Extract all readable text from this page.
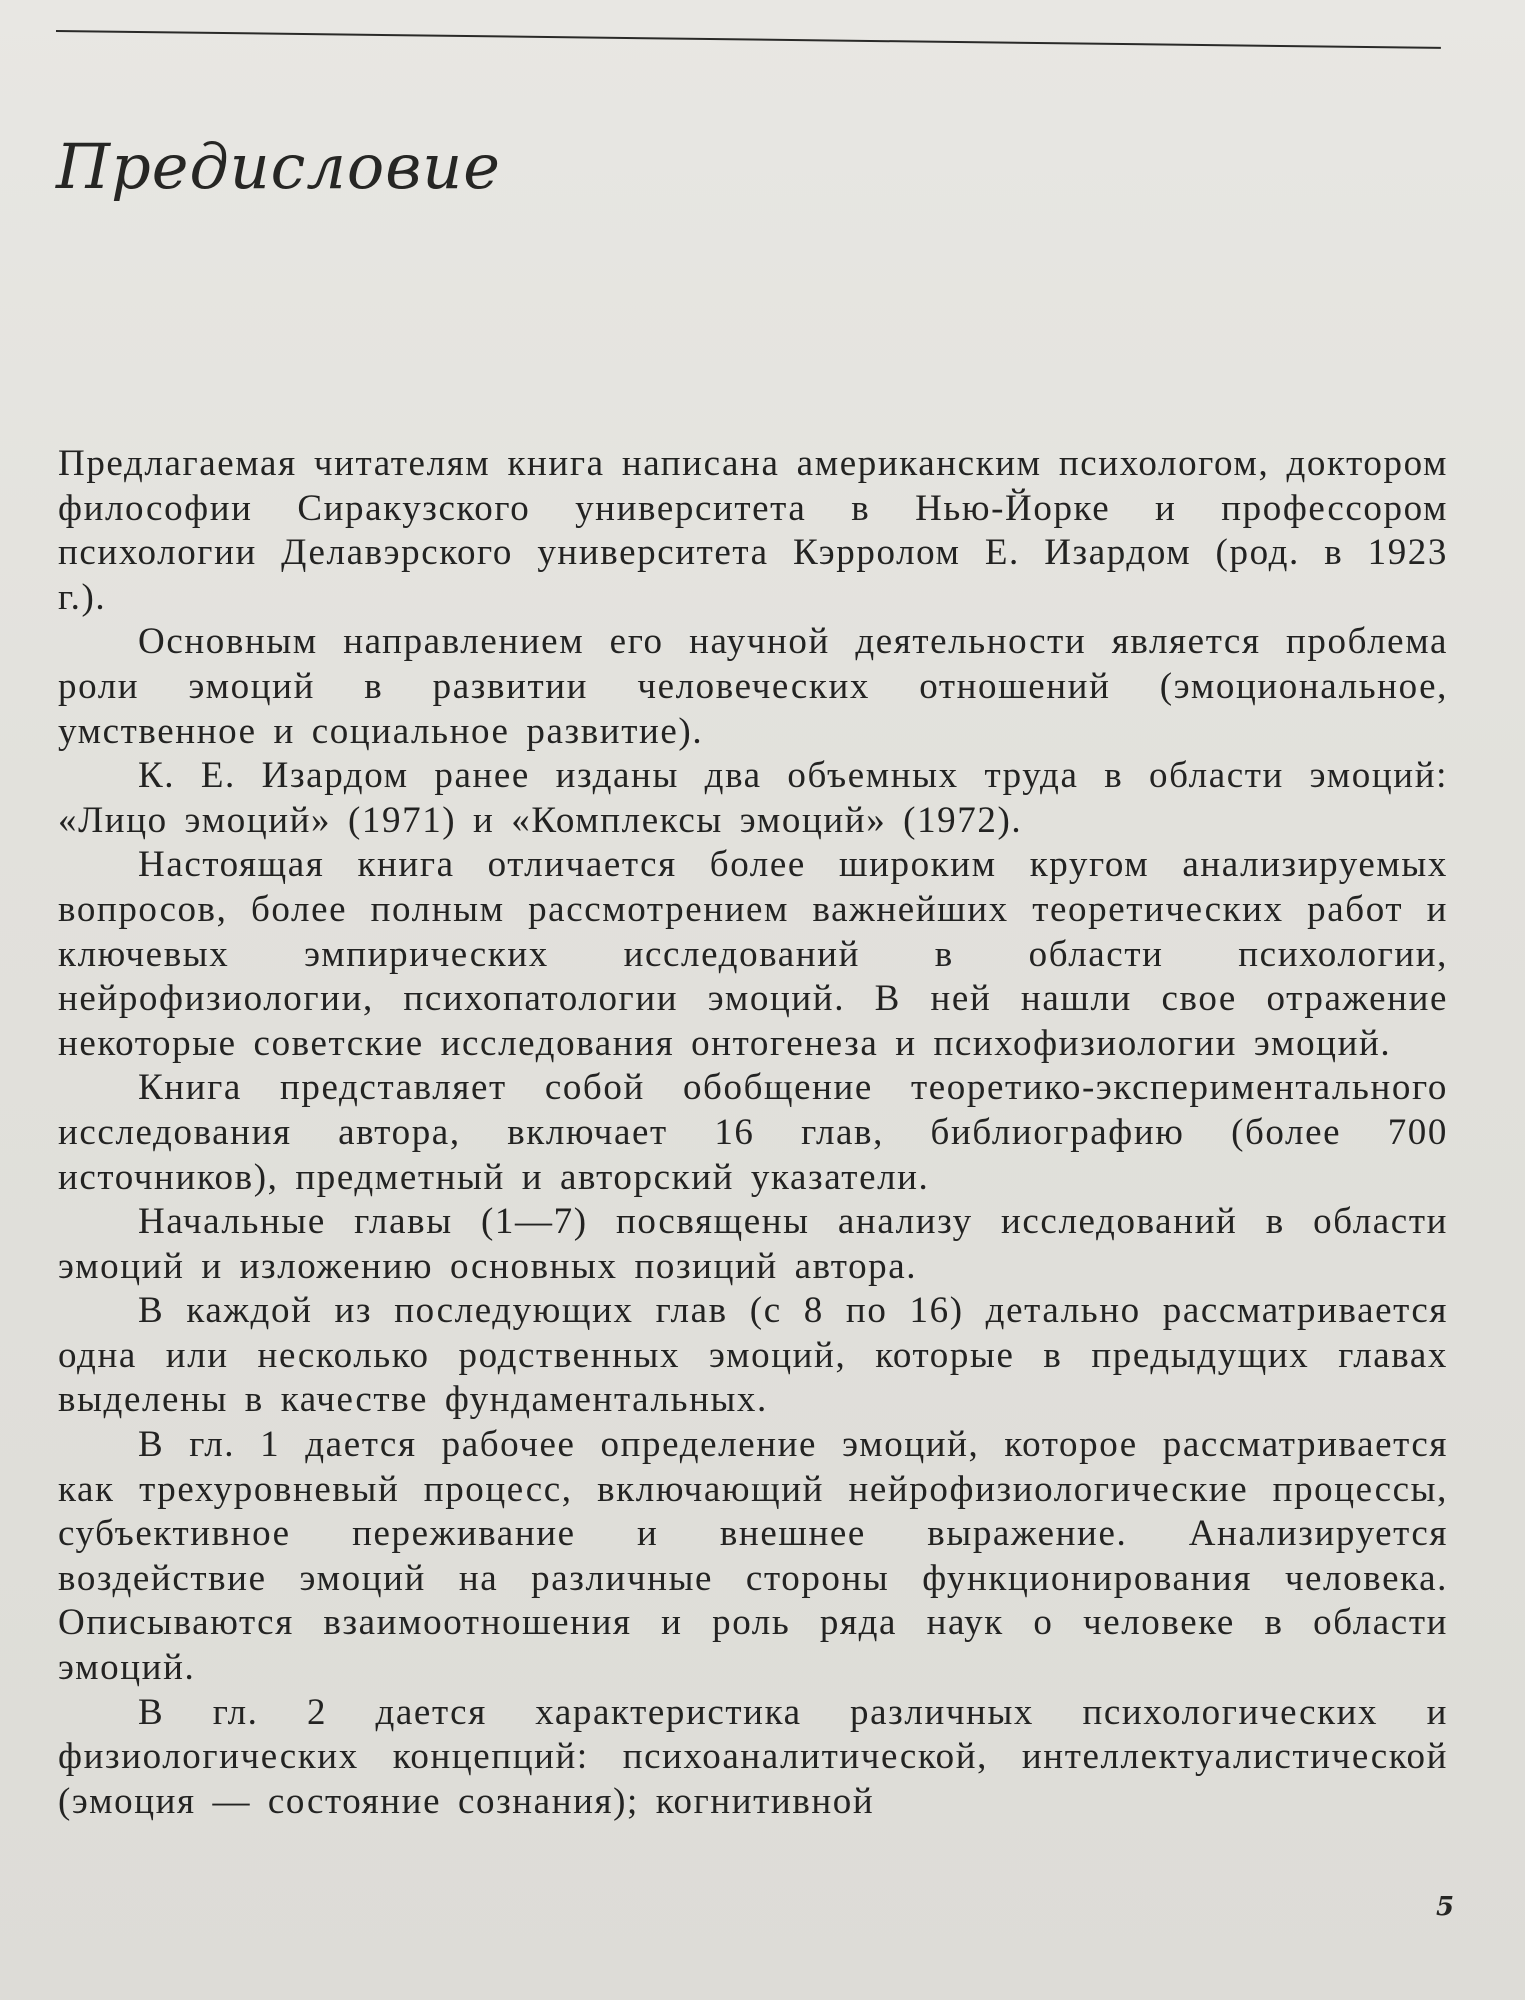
Предисловие

Предлагаемая читателям книга написана американским психологом, доктором философии Сиракузского университета в Нью-Йорке и профессором психологии Делавэрского университета Кэрролом Е. Изардом (род. в 1923 г.).

Основным направлением его научной деятельности является проблема роли эмоций в развитии человеческих отношений (эмоциональное, умственное и социальное развитие).

К. Е. Изардом ранее изданы два объемных труда в области эмоций: «Лицо эмоций» (1971) и «Комплексы эмоций» (1972).

Настоящая книга отличается более широким кругом анализируемых вопросов, более полным рассмотрением важнейших теоретических работ и ключевых эмпирических исследований в области психологии, нейрофизиологии, психопатологии эмоций. В ней нашли свое отражение некоторые советские исследования онтогенеза и психофизиологии эмоций.

Книга представляет собой обобщение теоретико-экспериментального исследования автора, включает 16 глав, библиографию (более 700 источников), предметный и авторский указатели.

Начальные главы (1—7) посвящены анализу исследований в области эмоций и изложению основных позиций автора.

В каждой из последующих глав (с 8 по 16) детально рассматривается одна или несколько родственных эмоций, которые в предыдущих главах выделены в качестве фундаментальных.

В гл. 1 дается рабочее определение эмоций, которое рассматривается как трехуровневый процесс, включающий нейрофизиологические процессы, субъективное переживание и внешнее выражение. Анализируется воздействие эмоций на различные стороны функционирования человека. Описываются взаимоотношения и роль ряда наук о человеке в области эмоций.

В гл. 2 дается характеристика различных психологических и физиологических концепций: психоаналитической, интеллектуалистической (эмоция — состояние сознания); когнитивной

5
